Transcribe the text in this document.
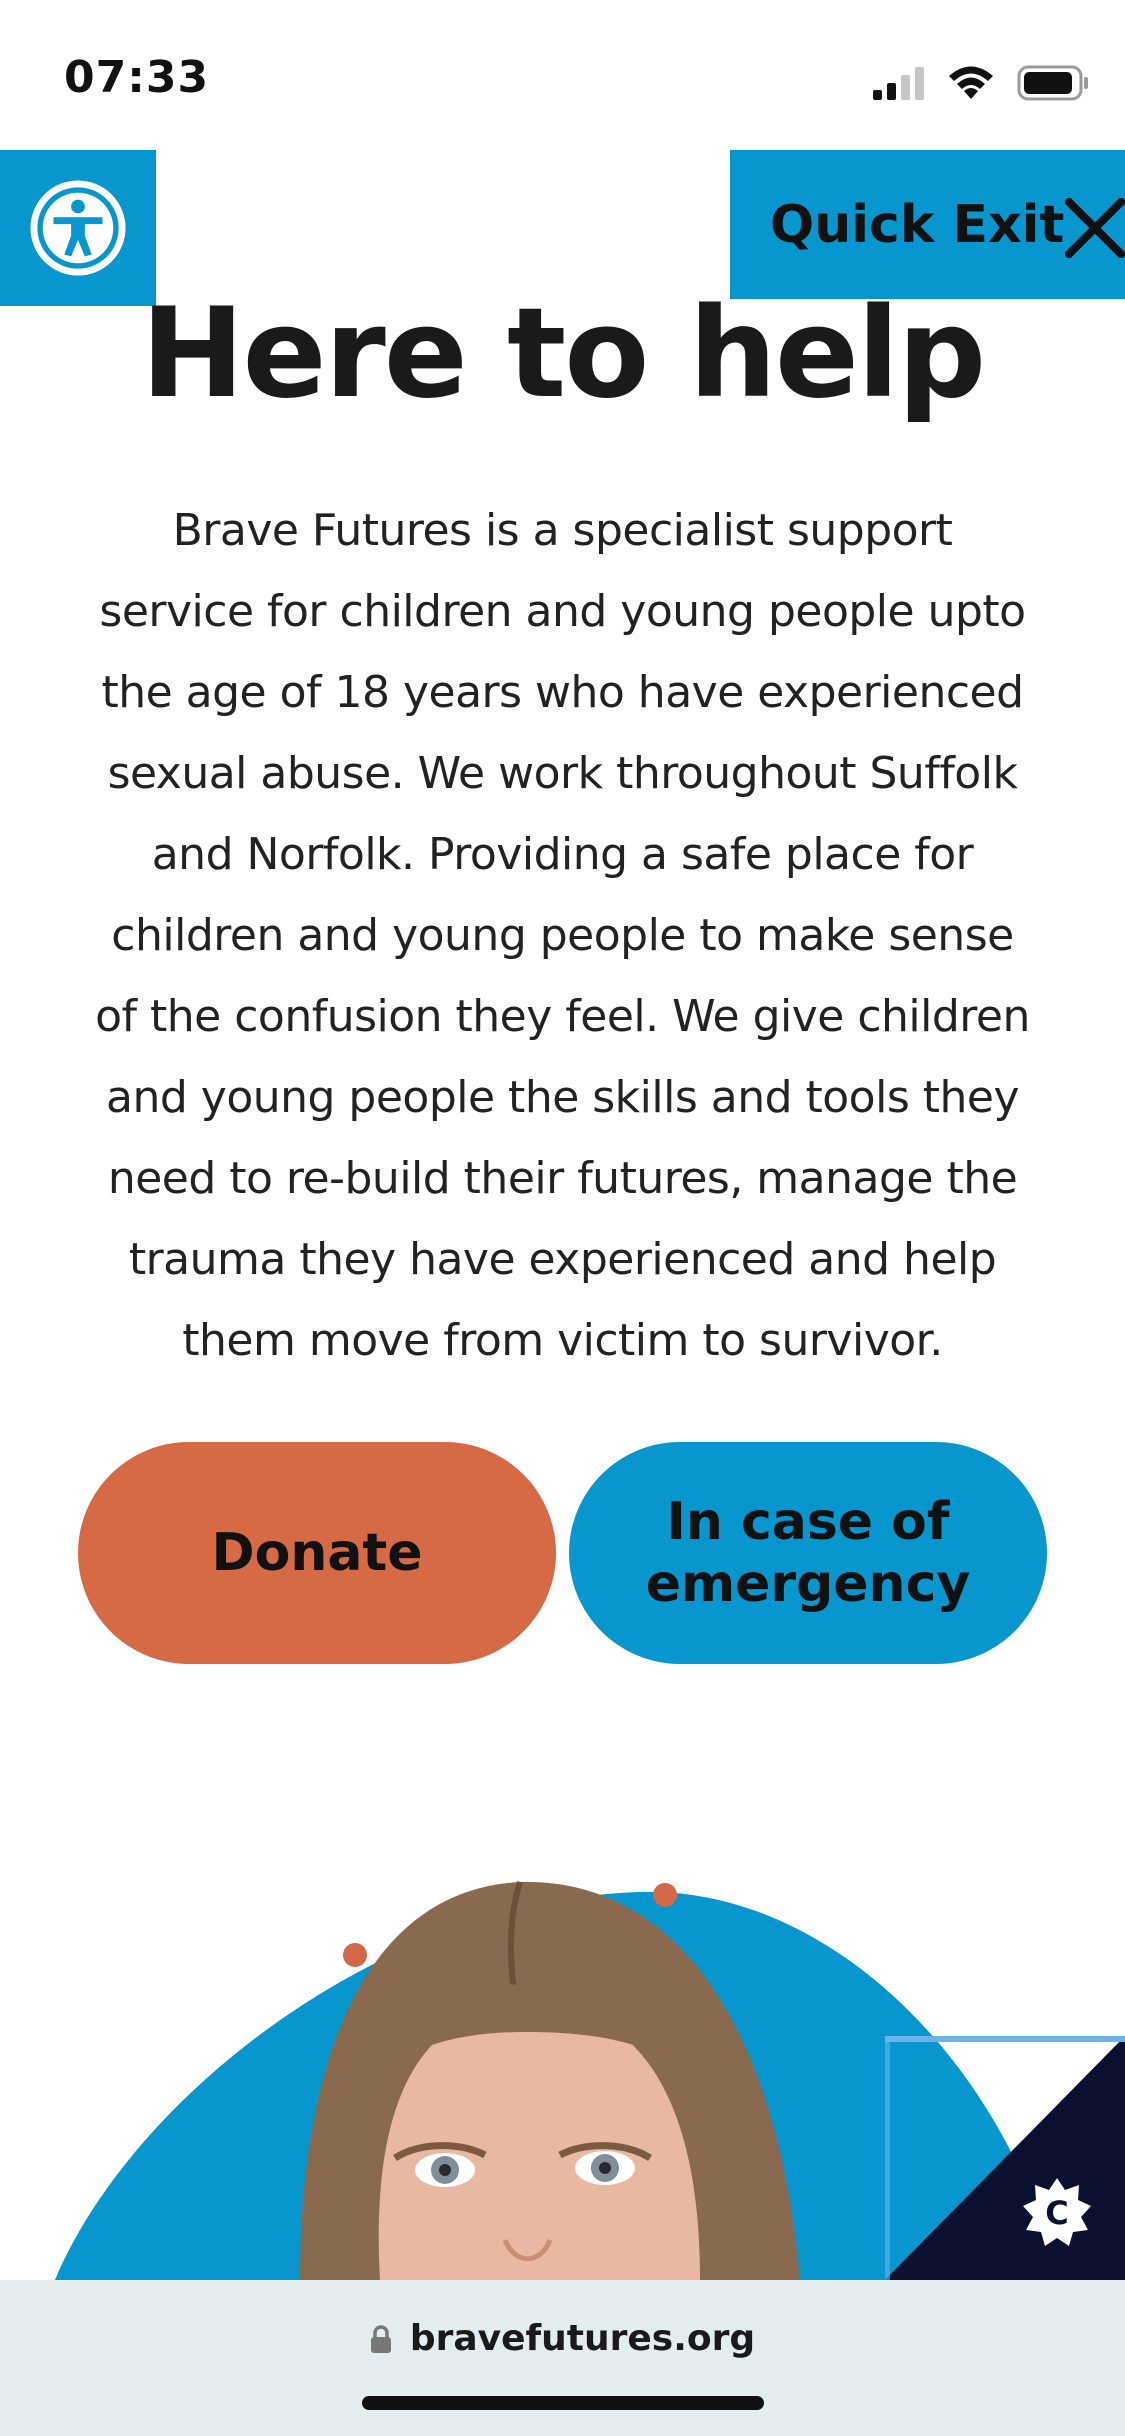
07:33
Quick Exit
Here to help

Brave Futures is a specialist support
service for children and young people upto
the age of 18 years who have experienced
sexual abuse. We work throughout Suffolk
and Norfolk. Providing a safe place for
children and young people to make sense
of the confusion they feel. We give children
and young people the skills and tools they
need to re-build their futures, manage the
trauma they have experienced and help
them move from victim to survivor.

Donate
In case of
emergency
C
bravefutures.org
